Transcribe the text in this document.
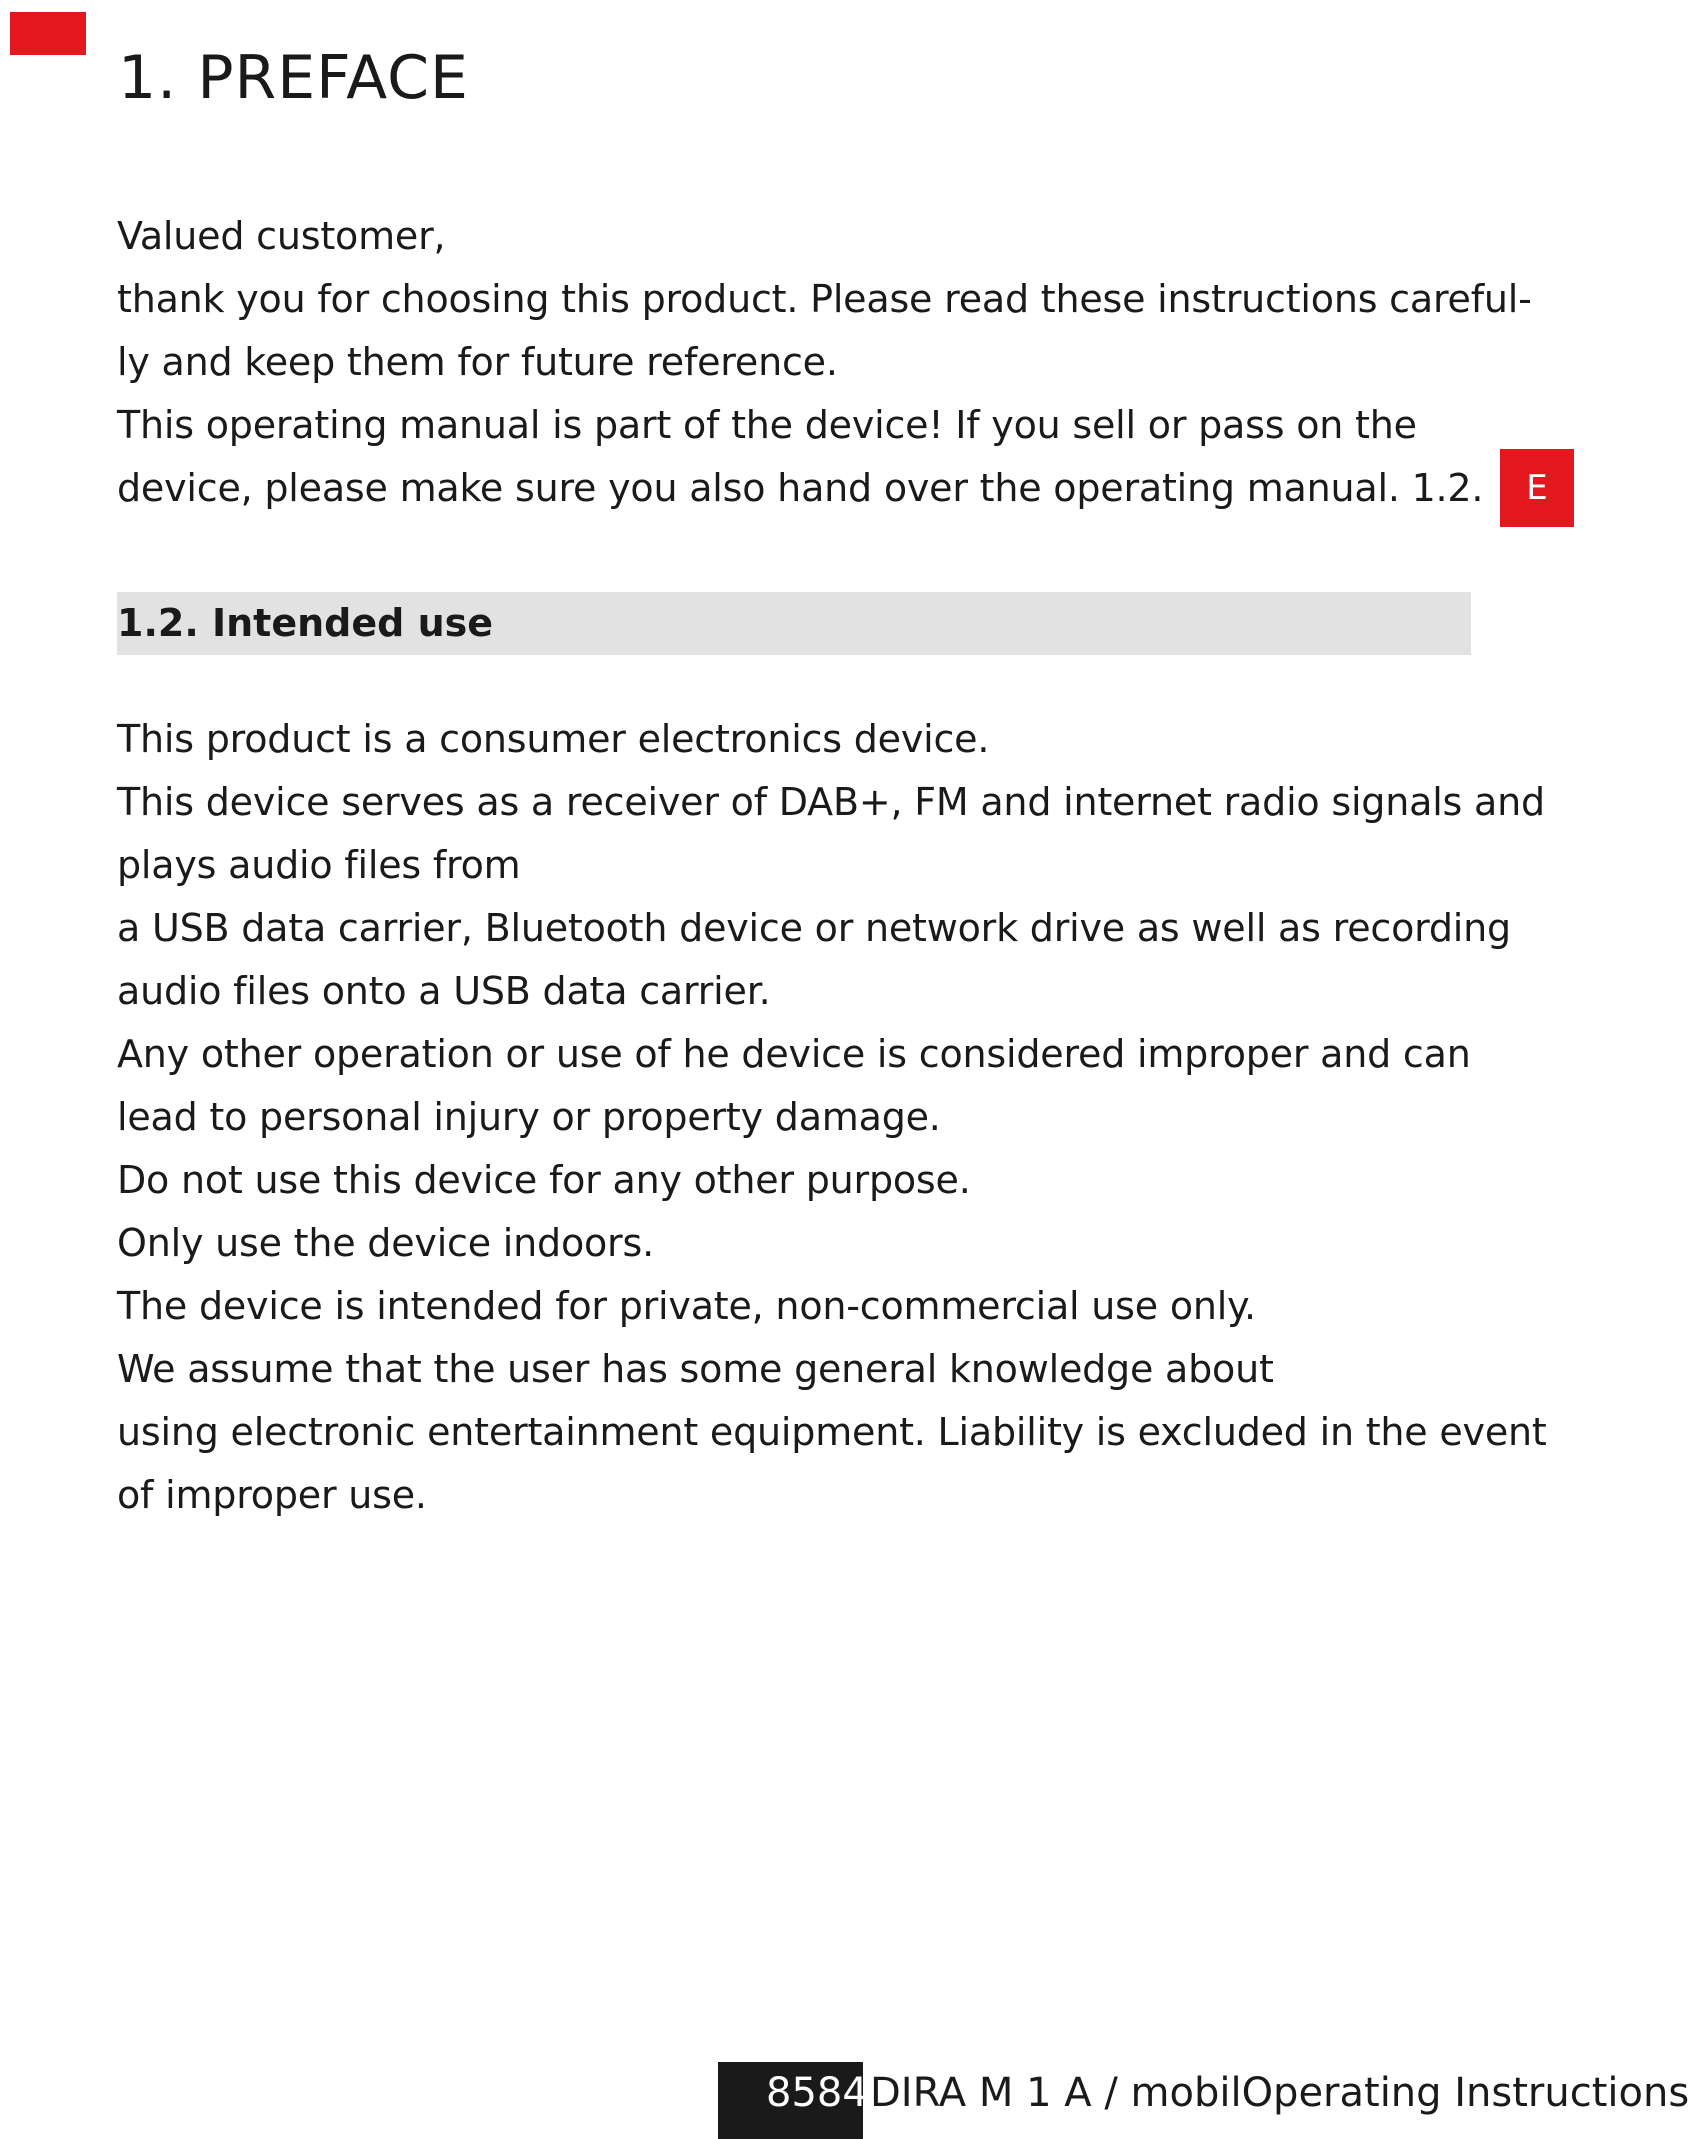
1. PREFACE
E
Valued customer,
thank you for choosing this product. Please read these instructions careful-
ly and keep them for future reference.
This operating manual is part of the device! If you sell or pass on the
device, please make sure you also hand over the operating manual. 1.2.
1.2. Intended use
This product is a consumer electronics device.
This device serves as a receiver of DAB+, FM and internet radio signals and
plays audio files from
a USB data carrier, Bluetooth device or network drive as well as recording
audio files onto a USB data carrier.
Any other operation or use of he device is considered improper and can
lead to personal injury or property damage.
Do not use this device for any other purpose.
Only use the device indoors.
The device is intended for private, non-commercial use only.
We assume that the user has some general knowledge about
using electronic entertainment equipment. Liability is excluded in the event
of improper use.
8584 DIRA M 1 A / mobilOperating Instructions
